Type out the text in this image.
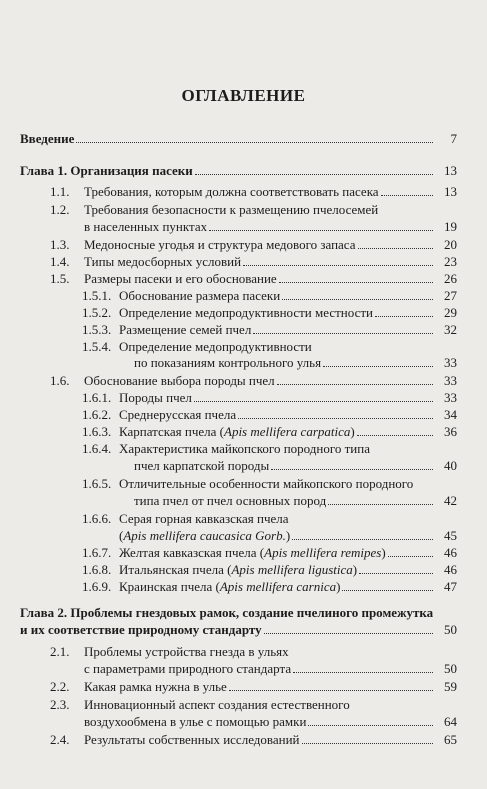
ОГЛАВЛЕНИЕ
Введение	7
Глава 1. Организация пасеки	13
1.1. Требования, которым должна соответствовать пасека	13
1.2. Требования безопасности к размещению пчелосемей
в населенных пунктах	19
1.3. Медоносные угодья и структура медового запаса	20
1.4. Типы медосборных условий	23
1.5. Размеры пасеки и его обоснование	26
1.5.1. Обоснование размера пасеки	27
1.5.2. Определение медопродуктивности местности	29
1.5.3. Размещение семей пчел	32
1.5.4. Определение медопродуктивности
по показаниям контрольного улья	33
1.6. Обоснование выбора породы пчел	33
1.6.1. Породы пчел	33
1.6.2. Среднерусская пчела	34
1.6.3. Карпатская пчела (Apis mellifera carpatica)	36
1.6.4. Характеристика майкопского породного типа
пчел карпатской породы	40
1.6.5. Отличительные особенности майкопского породного
типа пчел от пчел основных пород	42
1.6.6. Серая горная кавказская пчела
(Apis mellifera caucasica Gorb.)	45
1.6.7. Желтая кавказская пчела (Apis mellifera remipes)	46
1.6.8. Итальянская пчела (Apis mellifera ligustica)	46
1.6.9. Краинская пчела (Apis mellifera carnica)	47
Глава 2. Проблемы гнездовых рамок, создание пчелиного промежутка
и их соответствие природному стандарту	50
2.1. Проблемы устройства гнезда в ульях
с параметрами природного стандарта	50
2.2. Какая рамка нужна в улье	59
2.3. Инновационный аспект создания естественного
воздухообмена в улье с помощью рамки	64
2.4. Результаты собственных исследований	65
